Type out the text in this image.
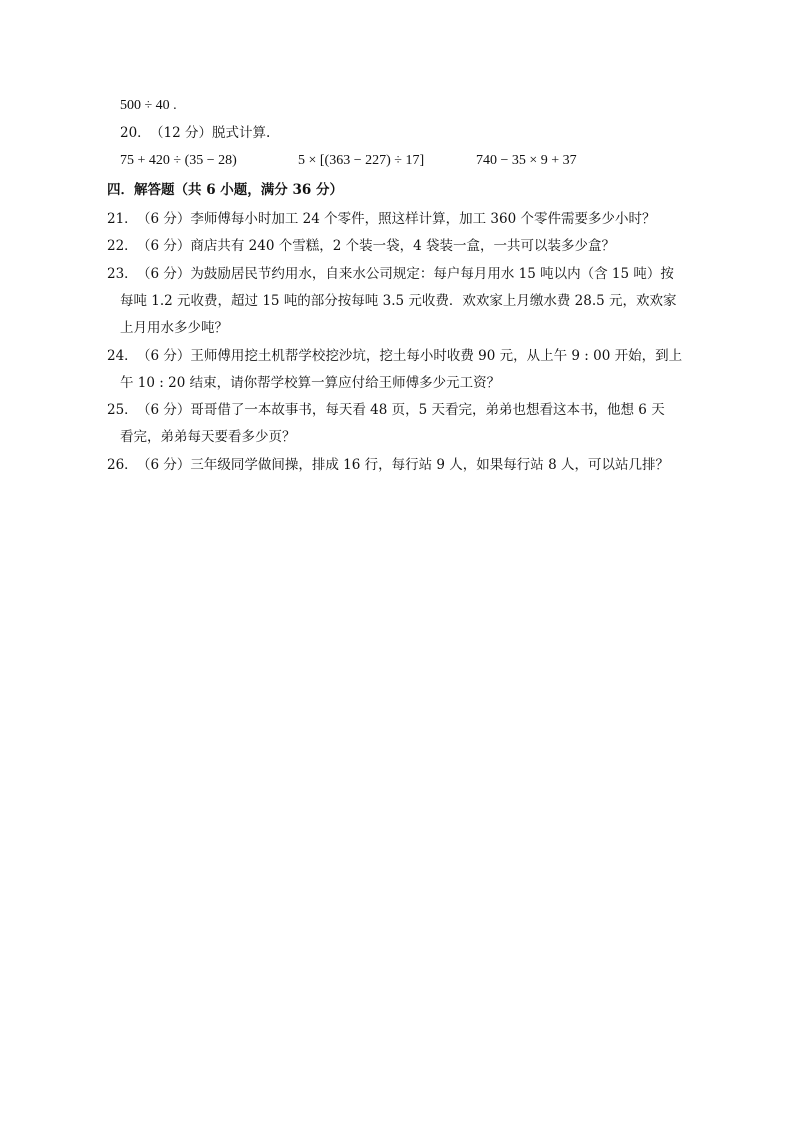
500 ÷ 40 .
20． （12 分）脱式计算.
75 + 420 ÷ (35 − 28)	5 × [(363 − 227) ÷ 17]	740 − 35 × 9 + 37
四．解答题（共 6 小题，满分 36 分）
21． （6 分）李师傅每小时加工 24 个零件，照这样计算，加工 360 个零件需要多少小时？
22． （6 分）商店共有 240 个雪糕，2 个装一袋，4 袋装一盒，一共可以装多少盒？
23． （6 分）为鼓励居民节约用水，自来水公司规定：每户每月用水 15 吨以内（含 15 吨）按
每吨 1.2 元收费，超过 15 吨的部分按每吨 3.5 元收费．欢欢家上月缴水费 28.5 元，欢欢家
上月用水多少吨？
24． （6 分）王师傅用挖土机帮学校挖沙坑，挖土每小时收费 90 元，从上午 9 : 00 开始，到上
午 10 : 20 结束，请你帮学校算一算应付给王师傅多少元工资？
25． （6 分）哥哥借了一本故事书，每天看 48 页，5 天看完，弟弟也想看这本书，他想 6 天
看完，弟弟每天要看多少页？
26． （6 分）三年级同学做间操，排成 16 行，每行站 9 人，如果每行站 8 人，可以站几排？
